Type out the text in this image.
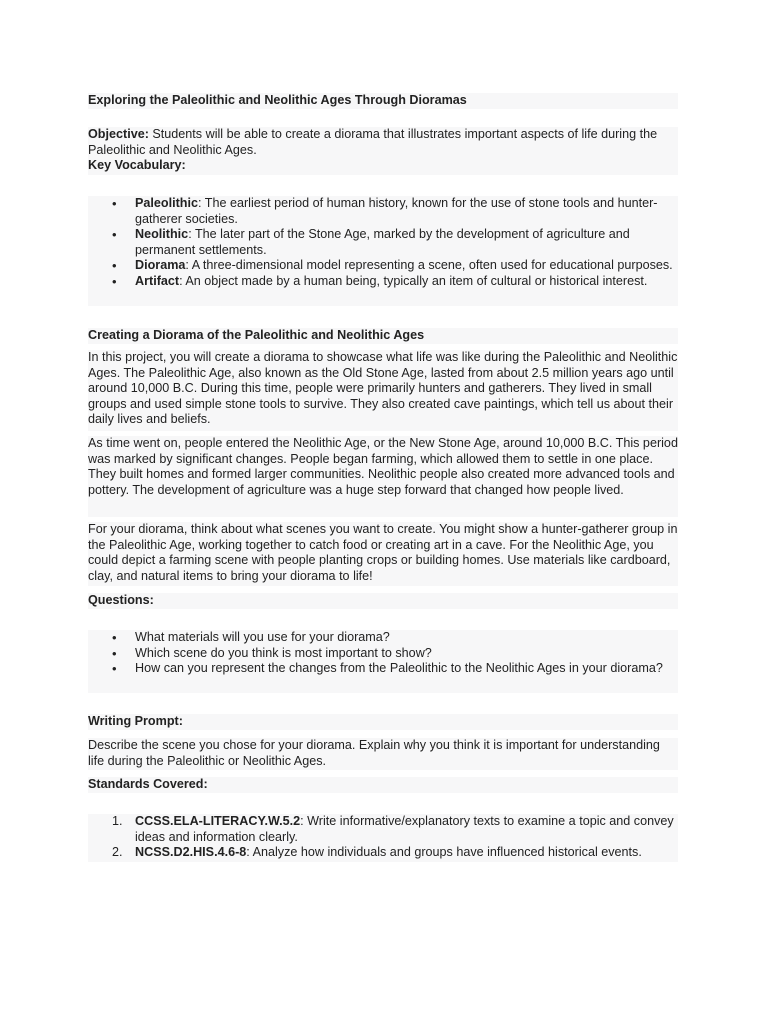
Exploring the Paleolithic and Neolithic Ages Through Dioramas

Objective: Students will be able to create a diorama that illustrates important aspects of life during the Paleolithic and Neolithic Ages.

Key Vocabulary:
• Paleolithic: The earliest period of human history, known for the use of stone tools and hunter-gatherer societies.
• Neolithic: The later part of the Stone Age, marked by the development of agriculture and permanent settlements.
• Diorama: A three-dimensional model representing a scene, often used for educational purposes.
• Artifact: An object made by a human being, typically an item of cultural or historical interest.
Creating a Diorama of the Paleolithic and Neolithic Ages

In this project, you will create a diorama to showcase what life was like during the Paleolithic and Neolithic Ages. The Paleolithic Age, also known as the Old Stone Age, lasted from about 2.5 million years ago until around 10,000 B.C. During this time, people were primarily hunters and gatherers. They lived in small groups and used simple stone tools to survive. They also created cave paintings, which tell us about their daily lives and beliefs.

As time went on, people entered the Neolithic Age, or the New Stone Age, around 10,000 B.C. This period was marked by significant changes. People began farming, which allowed them to settle in one place. They built homes and formed larger communities. Neolithic people also created more advanced tools and pottery. The development of agriculture was a huge step forward that changed how people lived.

For your diorama, think about what scenes you want to create. You might show a hunter-gatherer group in the Paleolithic Age, working together to catch food or creating art in a cave. For the Neolithic Age, you could depict a farming scene with people planting crops or building homes. Use materials like cardboard, clay, and natural items to bring your diorama to life!

Questions:
• What materials will you use for your diorama?
• Which scene do you think is most important to show?
• How can you represent the changes from the Paleolithic to the Neolithic Ages in your diorama?
Writing Prompt:

Describe the scene you chose for your diorama. Explain why you think it is important for understanding life during the Paleolithic or Neolithic Ages.

Standards Covered:
1. CCSS.ELA-LITERACY.W.5.2: Write informative/explanatory texts to examine a topic and convey ideas and information clearly.
2. NCSS.D2.HIS.4.6-8: Analyze how individuals and groups have influenced historical events.
